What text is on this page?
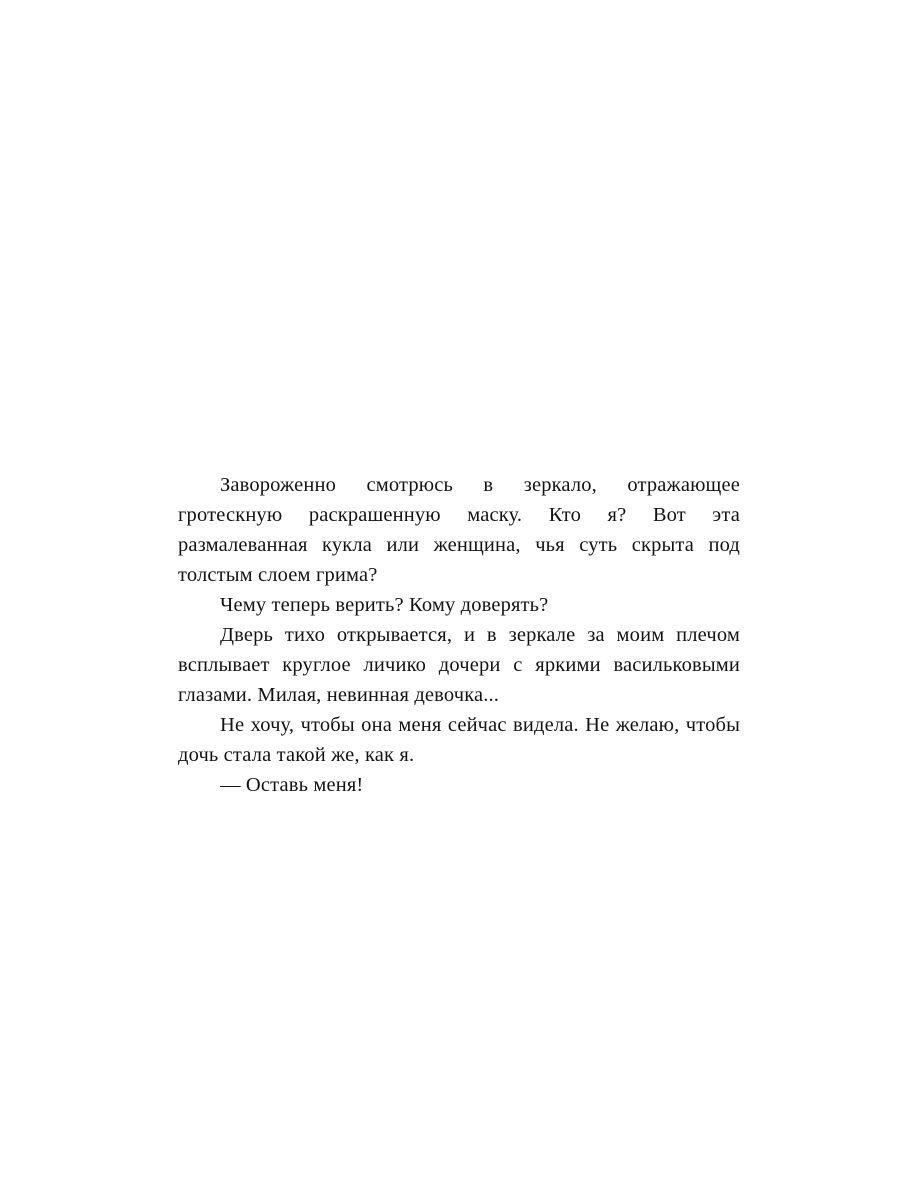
Завороженно смотрюсь в зеркало, отражающее гротескную раскрашенную маску. Кто я? Вот эта размалеванная кукла или женщина, чья суть скрыта под толстым слоем грима?

Чему теперь верить? Кому доверять?

Дверь тихо открывается, и в зеркале за моим плечом всплывает круглое личико дочери с яркими васильковыми глазами. Милая, невинная девочка...

Не хочу, чтобы она меня сейчас видела. Не желаю, чтобы дочь стала такой же, как я.

— Оставь меня!
